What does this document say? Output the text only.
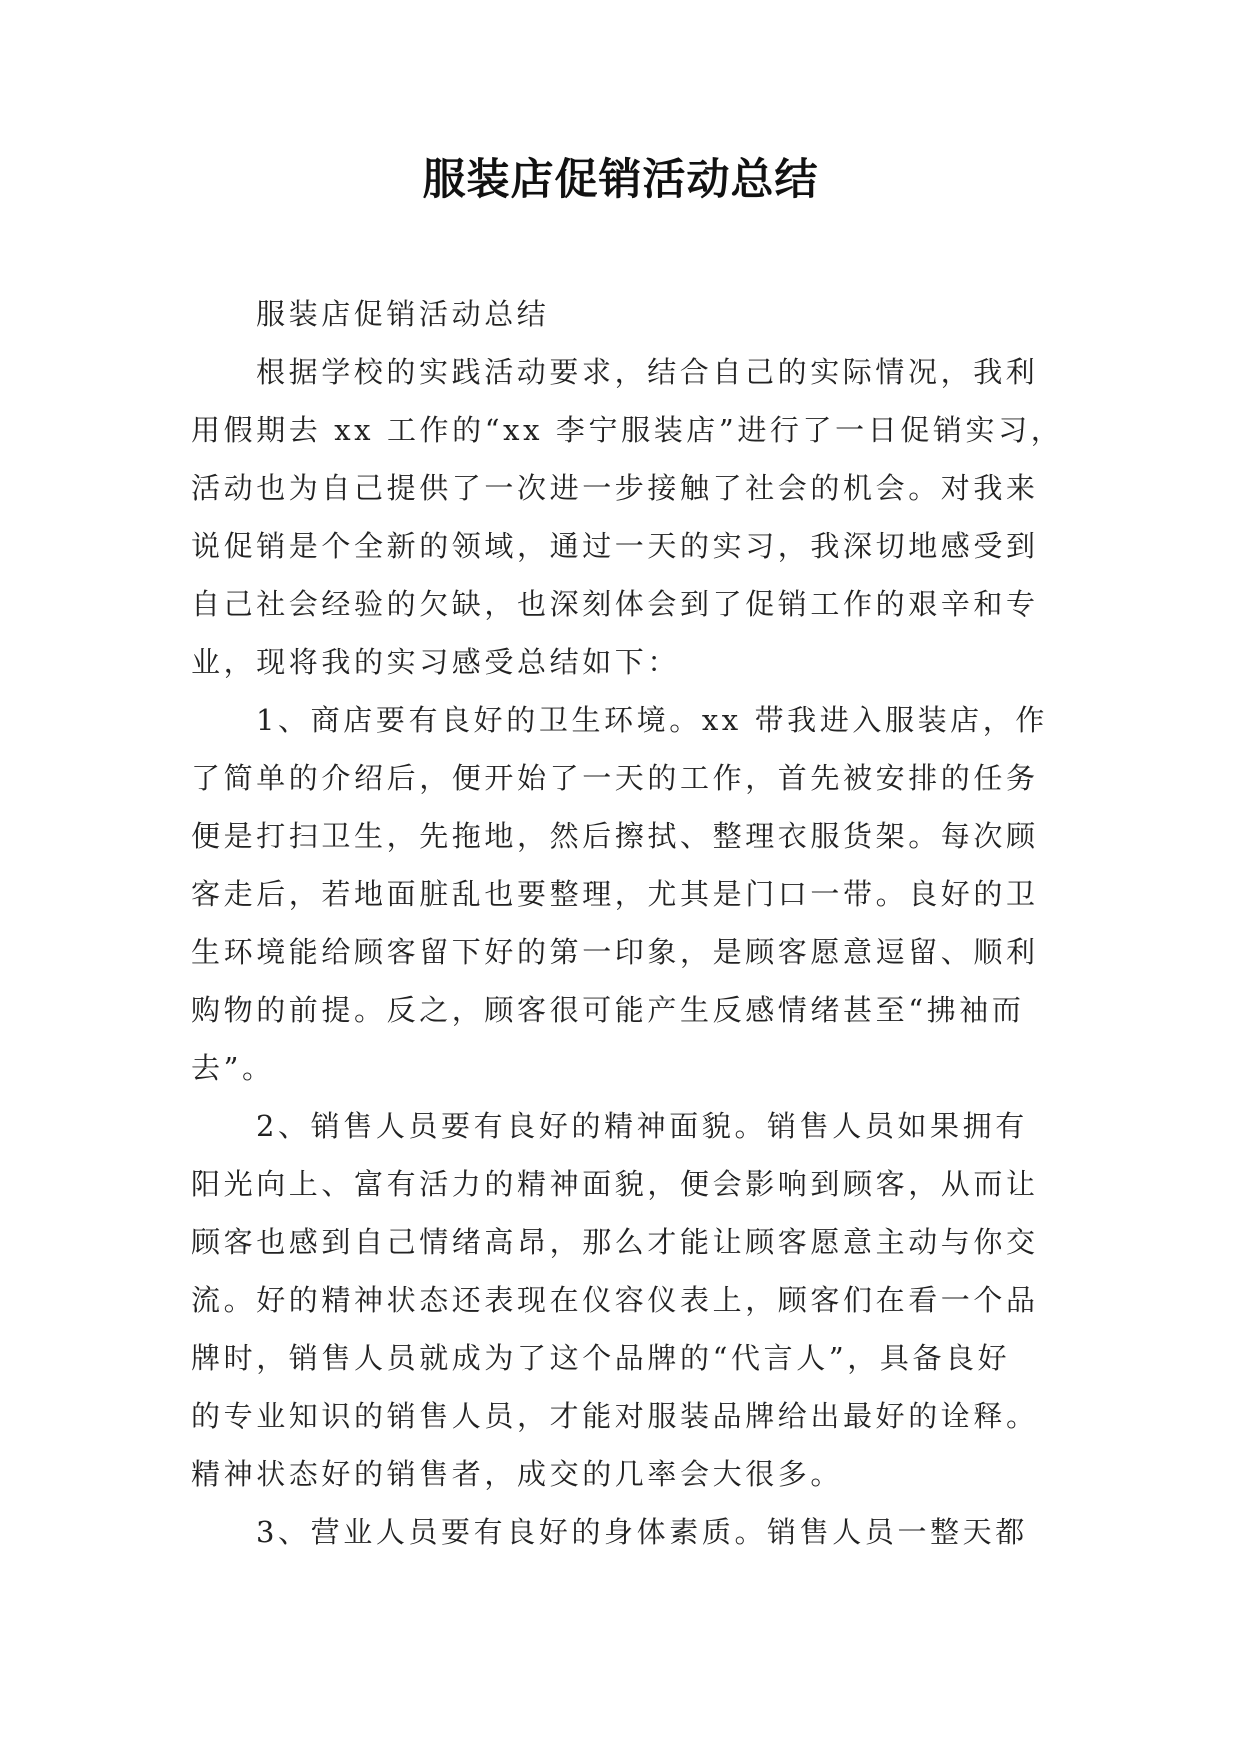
服装店促销活动总结
服装店促销活动总结
根据学校的实践活动要求，结合自己的实际情况，我利
用假期去 xx 工作的“xx 李宁服装店”进行了一日促销实习，
活动也为自己提供了一次进一步接触了社会的机会。对我来
说促销是个全新的领域，通过一天的实习，我深切地感受到
自己社会经验的欠缺，也深刻体会到了促销工作的艰辛和专
业，现将我的实习感受总结如下：
1、商店要有良好的卫生环境。xx 带我进入服装店，作
了简单的介绍后，便开始了一天的工作，首先被安排的任务
便是打扫卫生，先拖地，然后擦拭、整理衣服货架。每次顾
客走后，若地面脏乱也要整理，尤其是门口一带。良好的卫
生环境能给顾客留下好的第一印象，是顾客愿意逗留、顺利
购物的前提。反之，顾客很可能产生反感情绪甚至“拂袖而
去”。
2、销售人员要有良好的精神面貌。销售人员如果拥有
阳光向上、富有活力的精神面貌，便会影响到顾客，从而让
顾客也感到自己情绪高昂，那么才能让顾客愿意主动与你交
流。好的精神状态还表现在仪容仪表上，顾客们在看一个品
牌时，销售人员就成为了这个品牌的“代言人”，具备良好
的专业知识的销售人员，才能对服装品牌给出最好的诠释。
精神状态好的销售者，成交的几率会大很多。
3、营业人员要有良好的身体素质。销售人员一整天都
